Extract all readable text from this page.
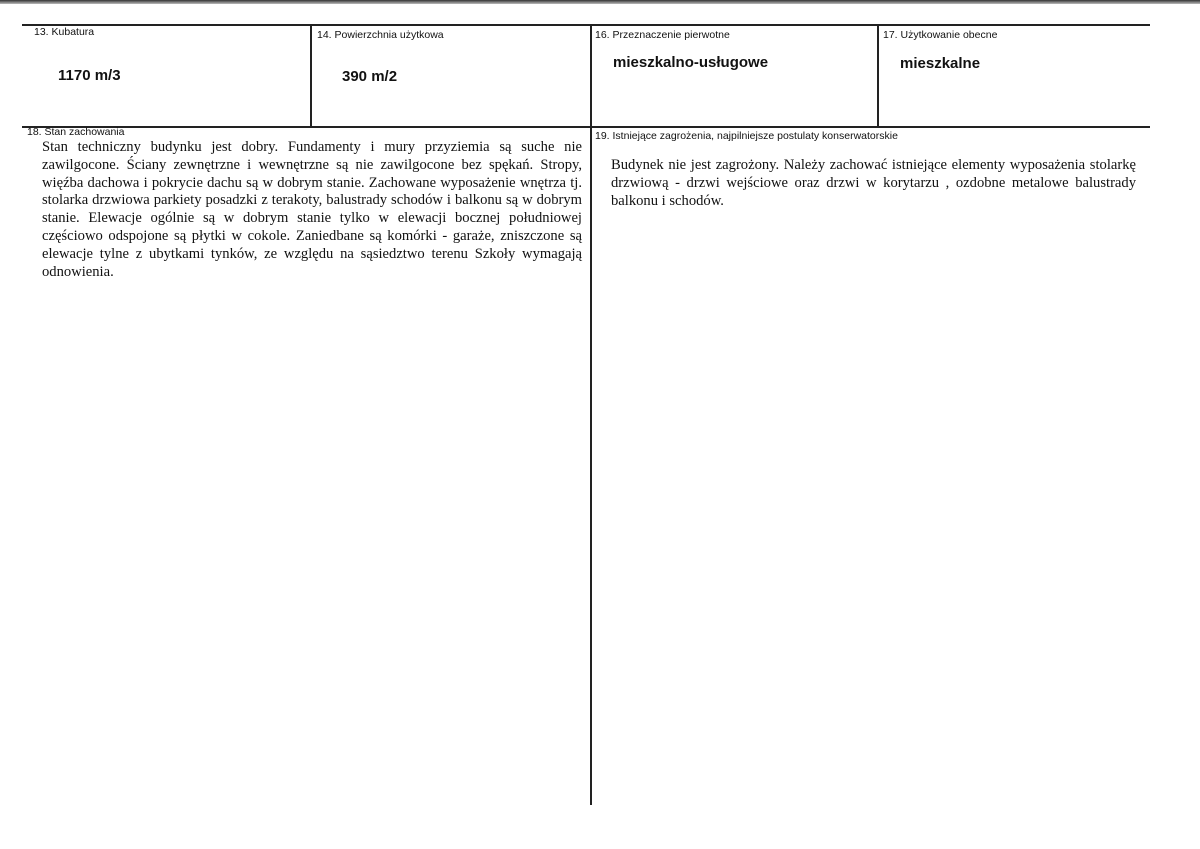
13. Kubatura
1170 m/3
14. Powierzchnia użytkowa
390 m/2
16. Przeznaczenie pierwotne
mieszkalno-usługowe
17. Użytkowanie obecne
mieszkalne
18. Stan zachowania
Stan techniczny budynku jest dobry. Fundamenty i mury przyziemia są suche nie zawilgocone. Ściany zewnętrzne i wewnętrzne są nie zawilgocone bez spękań. Stropy, więźba dachowa i pokrycie dachu są w dobrym stanie. Zachowane wyposażenie wnętrza tj. stolarka drzwiowa parkiety posadzki z terakoty, balustrady schodów i balkonu są w dobrym stanie. Elewacje ogólnie są w dobrym stanie tylko w elewacji bocznej południowej częściowo odspojone są płytki w cokole. Zaniedbane są komórki - garaże, zniszczone są elewacje tylne z ubytkami tynków, ze względu na sąsiedztwo terenu Szkoły wymagają odnowienia.
19. Istniejące zagrożenia, najpilniejsze postulaty konserwatorskie
Budynek nie jest zagrożony. Należy zachować istniejące elementy wyposażenia stolarkę drzwiową - drzwi wejściowe oraz drzwi w korytarzu , ozdobne metalowe balustrady balkonu i schodów.
